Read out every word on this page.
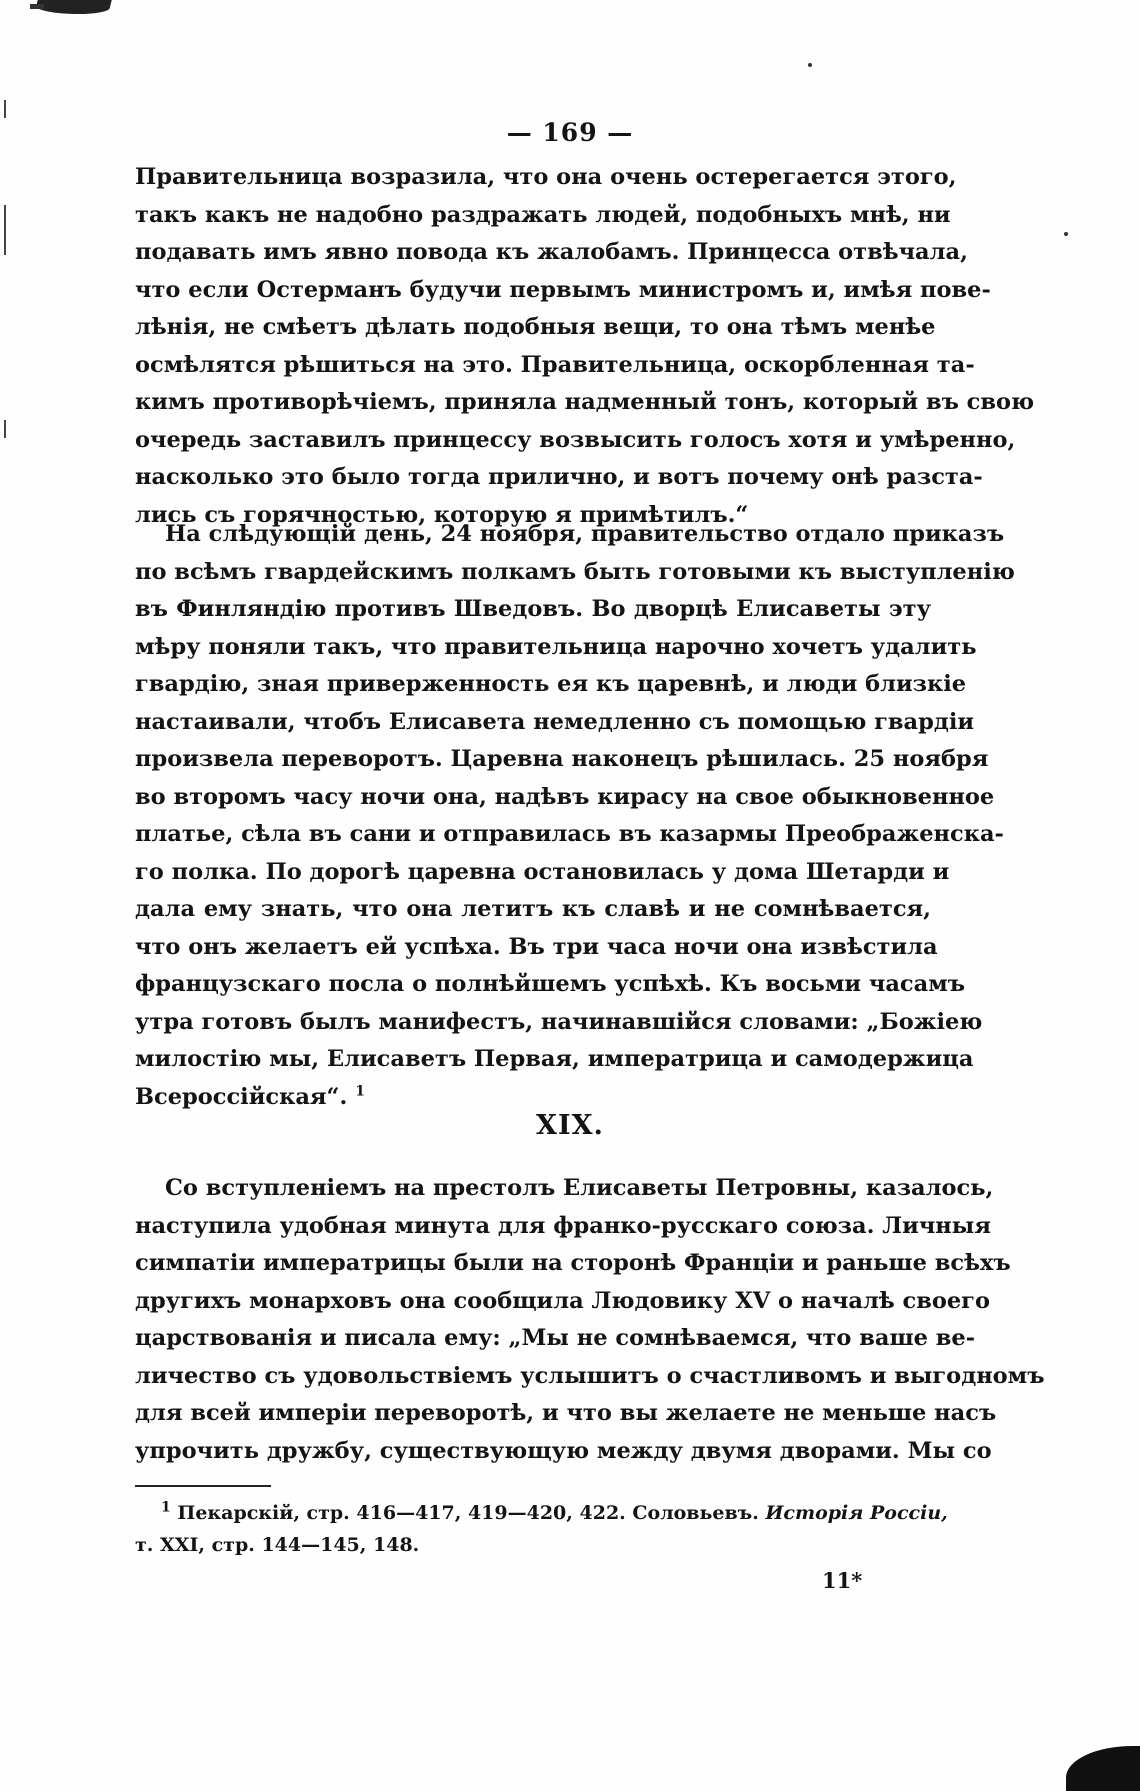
— 169 —
Правительница возразила, что она очень остерегается этого,
такъ какъ не надобно раздражать людей, подобныхъ мнѣ, ни
подавать имъ явно повода къ жалобамъ. Принцесса отвѣчала,
что если Остерманъ будучи первымъ министромъ и, имѣя пове-
лѣнія, не смѣетъ дѣлать подобныя вещи, то она тѣмъ менѣе
осмѣлятся рѣшиться на это. Правительница, оскорбленная та-
кимъ противорѣчіемъ, приняла надменный тонъ, который въ свою
очередь заставилъ принцессу возвысить голосъ хотя и умѣренно,
насколько это было тогда прилично, и вотъ почему онѣ разста-
лись съ горячностью, которую я примѣтилъ.“
На слѣдующій день, 24 ноября, правительство отдало приказъ
по всѣмъ гвардейскимъ полкамъ быть готовыми къ выступленію
въ Финляндію противъ Шведовъ. Во дворцѣ Елисаветы эту
мѣру поняли такъ, что правительница нарочно хочетъ удалить
гвардію, зная приверженность ея къ царевнѣ, и люди близкіе
настаивали, чтобъ Елисавета немедленно съ помощью гвардіи
произвела переворотъ. Царевна наконецъ рѣшилась. 25 ноября
во второмъ часу ночи она, надѣвъ кирасу на свое обыкновенное
платье, сѣла въ сани и отправилась въ казармы Преображенска-
го полка. По дорогѣ царевна остановилась у дома Шетарди и
дала ему знать, что она летитъ къ славѣ и не сомнѣвается,
что онъ желаетъ ей успѣха. Въ три часа ночи она извѣстила
французскаго посла о полнѣйшемъ успѣхѣ. Къ восьми часамъ
утра готовъ былъ манифестъ, начинавшійся словами: „Божіею
милостію мы, Елисаветъ Первая, императрица и самодержица
Всероссійская“. $^1$
XIX.
Со вступленіемъ на престолъ Елисаветы Петровны, казалось,
наступила удобная минута для франко-русскаго союза. Личныя
симпатіи императрицы были на сторонѣ Франціи и раньше всѣхъ
другихъ монарховъ она сообщила Людовику XV о началѣ своего
царствованія и писала ему: „Мы не сомнѣваемся, что ваше ве-
личество съ удовольствіемъ услышитъ о счастливомъ и выгодномъ
для всей имперіи переворотѣ, и что вы желаете не меньше насъ
упрочить дружбу, существующую между двумя дворами. Мы со
$^1$ Пекарскій, стр. 416—417, 419—420, 422. Соловьевъ. Исторія Россіи,
т. XXI, стр. 144—145, 148.
11*
